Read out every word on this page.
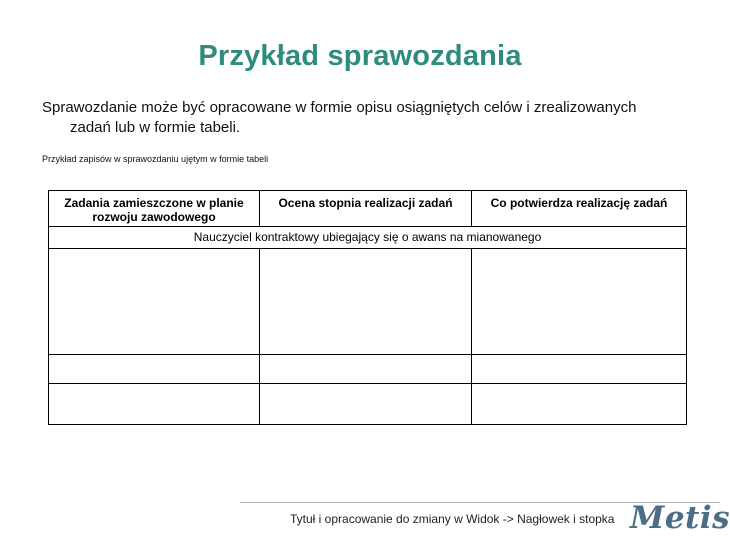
Przykład sprawozdania
Sprawozdanie może być opracowane w formie opisu osiągniętych celów i zrealizowanych
zadań lub w formie tabeli.
Przykład zapisów w sprawozdaniu ujętym w formie tabeli
Zadania zamieszczone w planie rozwoju zawodowego	Ocena stopnia realizacji zadań	Co potwierdza realizację zadań
Nauczyciel kontraktowy ubiegający się o awans na mianowanego		

Tytuł i opracowanie do zmiany w Widok -> Nagłowek i stopka Metis
